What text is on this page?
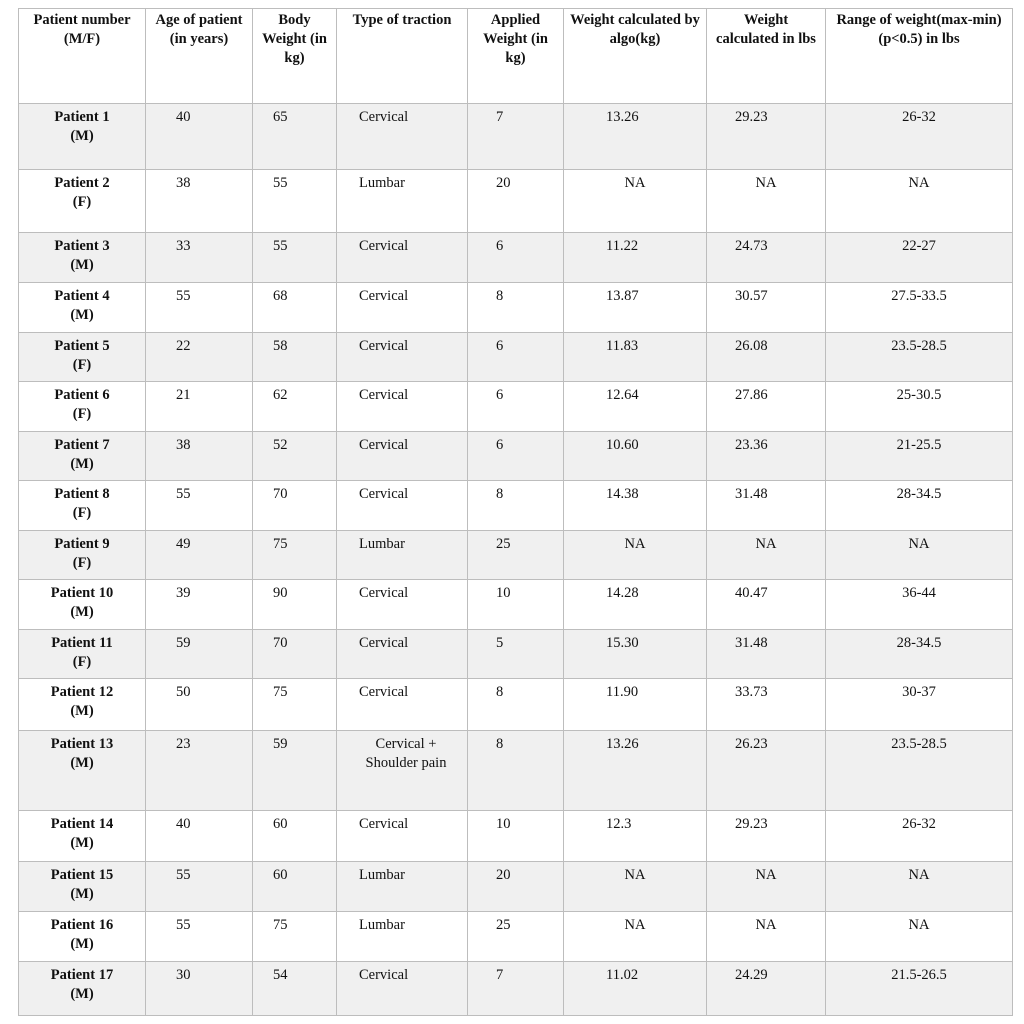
Patient number (M/F)	Age of patient (in years)	Body Weight (in kg)	Type of traction	Applied Weight (in kg)	Weight calculated by algo(kg)	Weight calculated in lbs	Range of weight(max-min)(p<0.5) in lbs

Patient 1
(M)	40	65	Cervical	7	13.26	29.23	26-32

Patient 2
(F)	38	55	Lumbar	20	NA	NA	NA

Patient 3
(M)	33	55	Cervical	6	11.22	24.73	22-27

Patient 4
(M)	55	68	Cervical	8	13.87	30.57	27.5-33.5

Patient 5
(F)	22	58	Cervical	6	11.83	26.08	23.5-28.5

Patient 6
(F)	21	62	Cervical	6	12.64	27.86	25-30.5

Patient 7
(M)	38	52	Cervical	6	10.60	23.36	21-25.5

Patient 8
(F)	55	70	Cervical	8	14.38	31.48	28-34.5

Patient 9
(F)	49	75	Lumbar	25	NA	NA	NA

Patient 10
(M)	39	90	Cervical	10	14.28	40.47	36-44

Patient 11
(F)	59	70	Cervical	5	15.30	31.48	28-34.5

Patient 12
(M)	50	75	Cervical	8	11.90	33.73	30-37

Patient 13
(M)	23	59	Cervical + Shoulder pain	8	13.26	26.23	23.5-28.5

Patient 14
(M)	40	60	Cervical	10	12.3	29.23	26-32

Patient 15
(M)	55	60	Lumbar	20	NA	NA	NA

Patient 16
(M)	55	75	Lumbar	25	NA	NA	NA

Patient 17
(M)	30	54	Cervical	7	11.02	24.29	21.5-26.5
